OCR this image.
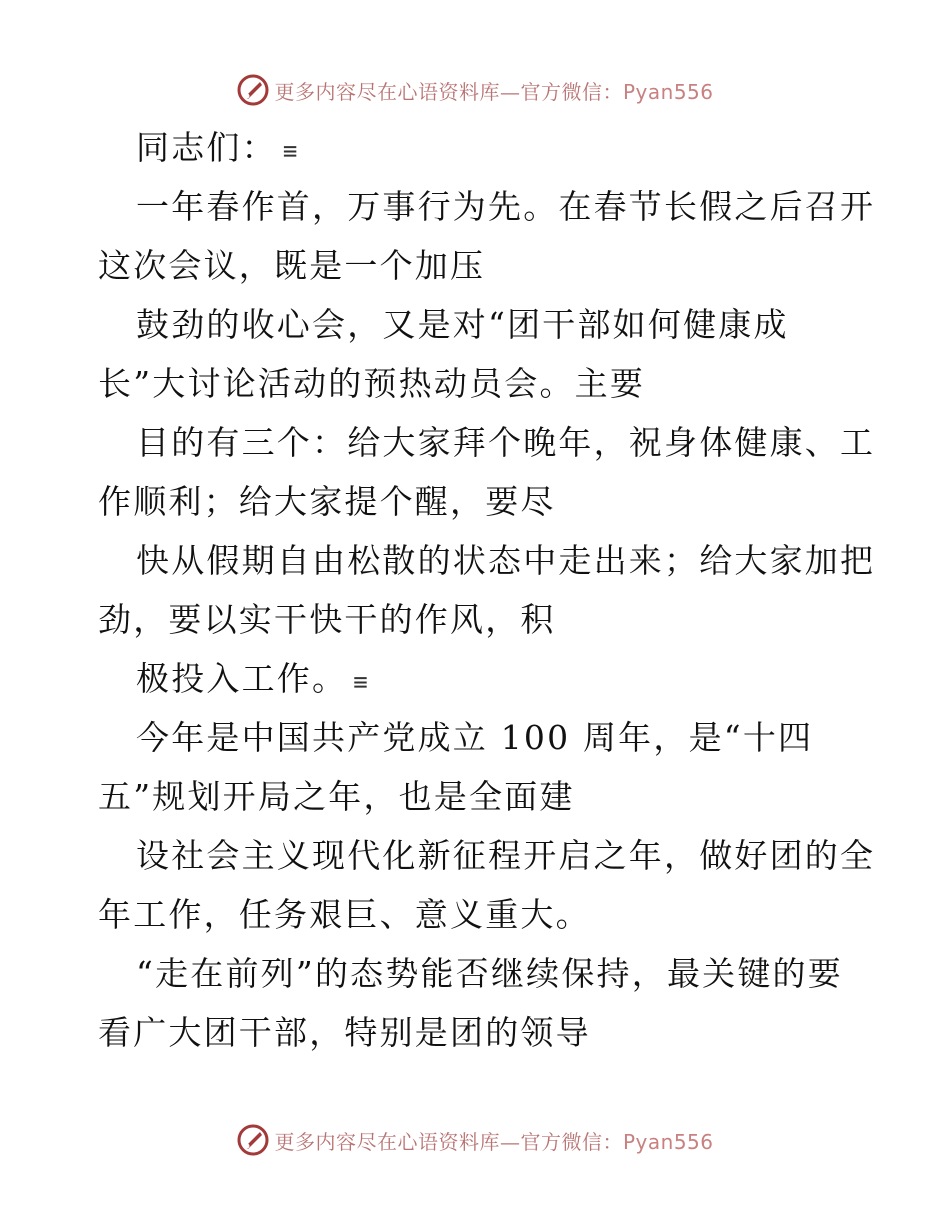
更多内容尽在心语资料库—官方微信：Pyan556
同志们： ≡
一年春作首，万事行为先。在春节长假之后召开
这次会议，既是一个加压
鼓劲的收心会，又是对“团干部如何健康成
长”大讨论活动的预热动员会。主要
目的有三个：给大家拜个晚年，祝身体健康、工
作顺利；给大家提个醒，要尽
快从假期自由松散的状态中走出来；给大家加把
劲，要以实干快干的作风，积
极投入工作。 ≡
今年是中国共产党成立 100 周年，是“十四
五”规划开局之年，也是全面建
设社会主义现代化新征程开启之年，做好团的全
年工作，任务艰巨、意义重大。
“走在前列”的态势能否继续保持，最关键的要
看广大团干部，特别是团的领导
更多内容尽在心语资料库—官方微信：Pyan556
